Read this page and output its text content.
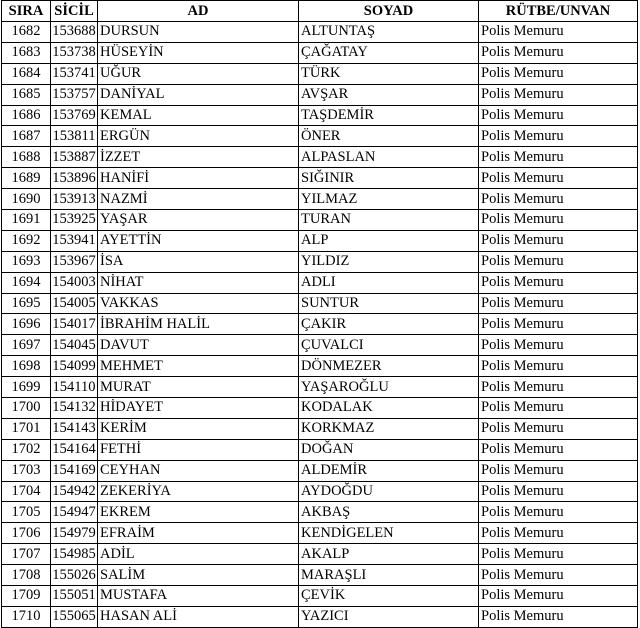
SIRA	SİCİL	AD	SOYAD	RÜTBE/UNVAN
1682	153688	DURSUN	ALTUNTAŞ	Polis Memuru
1683	153738	HÜSEYİN	ÇAĞATAY	Polis Memuru
1684	153741	UĞUR	TÜRK	Polis Memuru
1685	153757	DANİYAL	AVŞAR	Polis Memuru
1686	153769	KEMAL	TAŞDEMİR	Polis Memuru
1687	153811	ERGÜN	ÖNER	Polis Memuru
1688	153887	İZZET	ALPASLAN	Polis Memuru
1689	153896	HANİFİ	SIĞINIR	Polis Memuru
1690	153913	NAZMİ	YILMAZ	Polis Memuru
1691	153925	YAŞAR	TURAN	Polis Memuru
1692	153941	AYETTİN	ALP	Polis Memuru
1693	153967	İSA	YILDIZ	Polis Memuru
1694	154003	NİHAT	ADLI	Polis Memuru
1695	154005	VAKKAS	SUNTUR	Polis Memuru
1696	154017	İBRAHİM HALİL	ÇAKIR	Polis Memuru
1697	154045	DAVUT	ÇUVALCI	Polis Memuru
1698	154099	MEHMET	DÖNMEZER	Polis Memuru
1699	154110	MURAT	YAŞAROĞLU	Polis Memuru
1700	154132	HİDAYET	KODALAK	Polis Memuru
1701	154143	KERİM	KORKMAZ	Polis Memuru
1702	154164	FETHİ	DOĞAN	Polis Memuru
1703	154169	CEYHAN	ALDEMİR	Polis Memuru
1704	154942	ZEKERİYA	AYDOĞDU	Polis Memuru
1705	154947	EKREM	AKBAŞ	Polis Memuru
1706	154979	EFRAİM	KENDİGELEN	Polis Memuru
1707	154985	ADİL	AKALP	Polis Memuru
1708	155026	SALİM	MARAŞLI	Polis Memuru
1709	155051	MUSTAFA	ÇEVİK	Polis Memuru
1710	155065	HASAN ALİ	YAZICI	Polis Memuru
